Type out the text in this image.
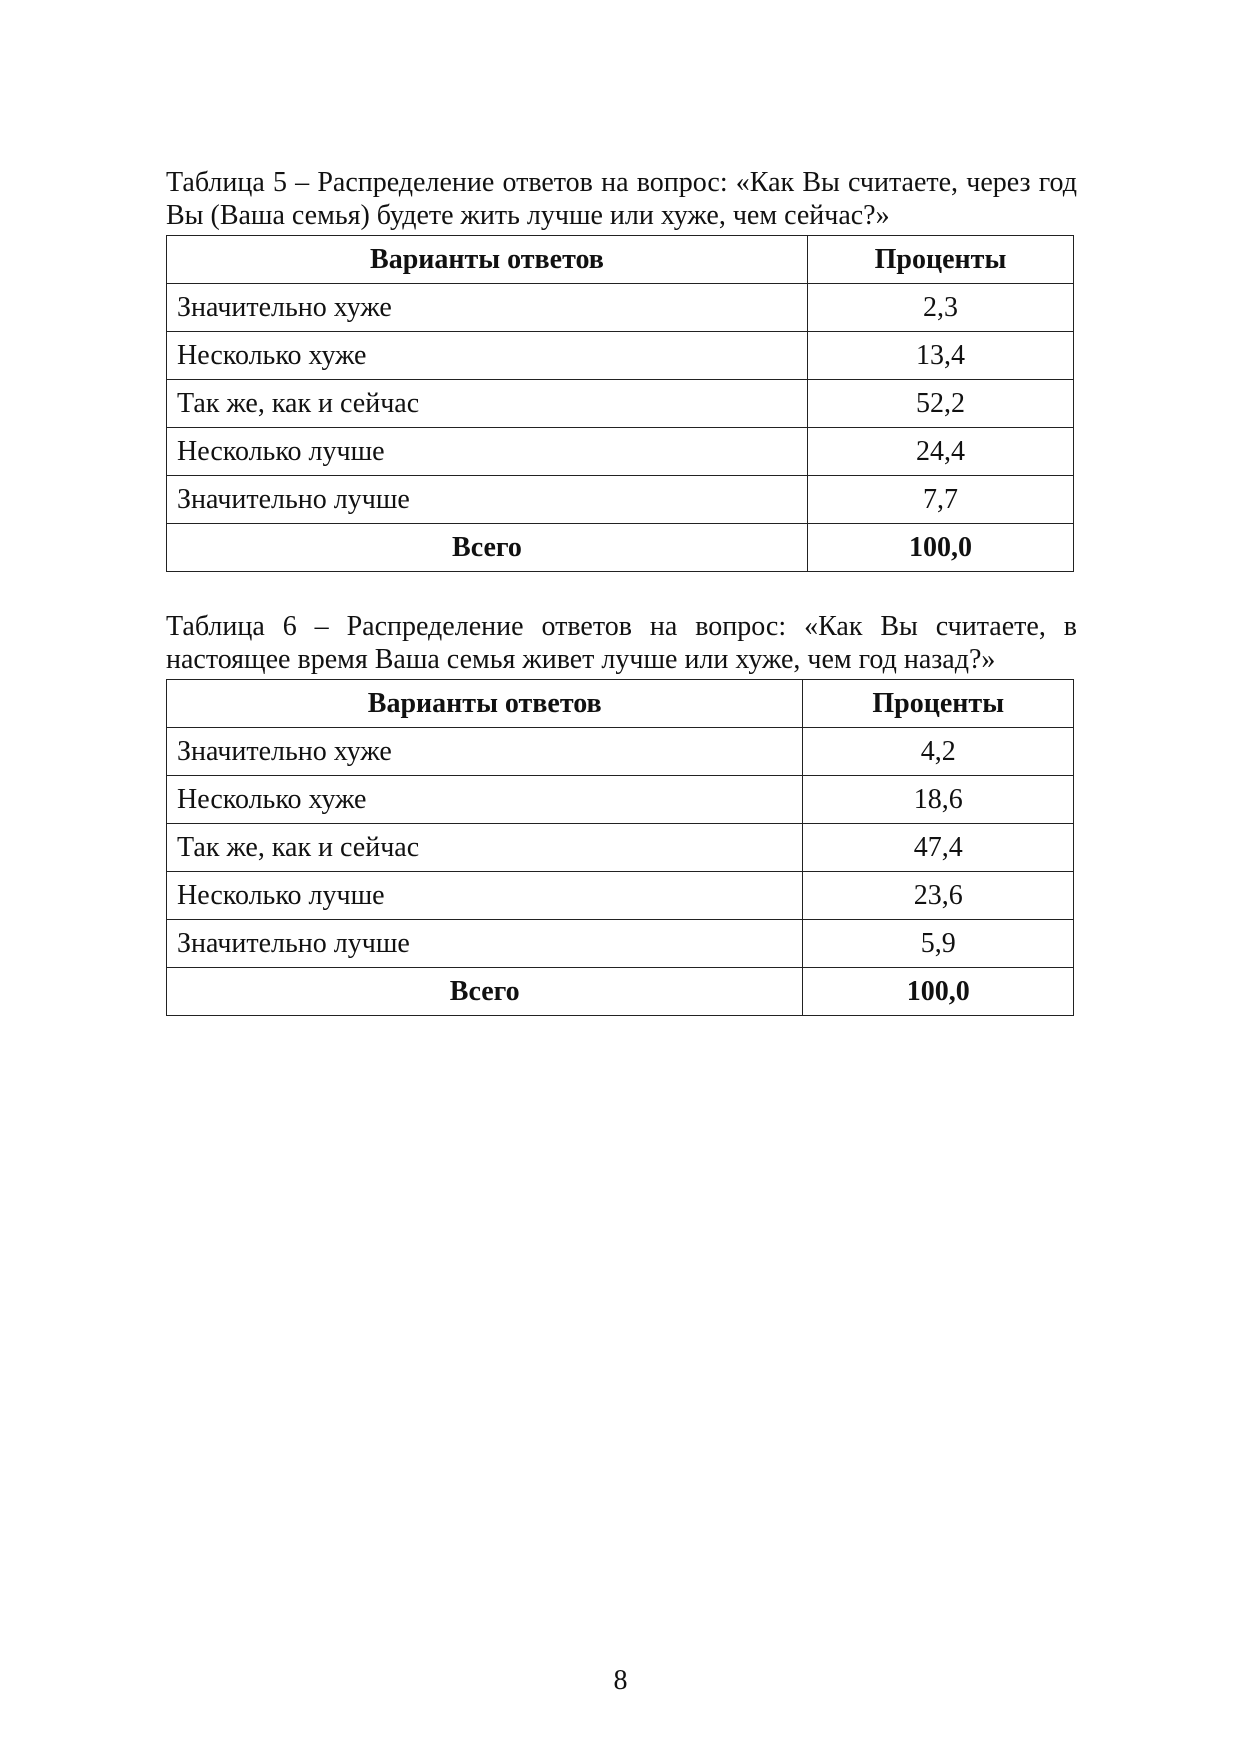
Таблица 5 – Распределение ответов на вопрос: «Как Вы считаете, через год Вы (Ваша семья) будете жить лучше или хуже, чем сейчас?»

Варианты ответов	Проценты
Значительно хуже	2,3
Несколько хуже	13,4
Так же, как и сейчас	52,2
Несколько лучше	24,4
Значительно лучше	7,7
Всего	100,0

Таблица 6 – Распределение ответов на вопрос: «Как Вы считаете, в настоящее время Ваша семья живет лучше или хуже, чем год назад?»

Варианты ответов	Проценты
Значительно хуже	4,2
Несколько хуже	18,6
Так же, как и сейчас	47,4
Несколько лучше	23,6
Значительно лучше	5,9
Всего	100,0
8
